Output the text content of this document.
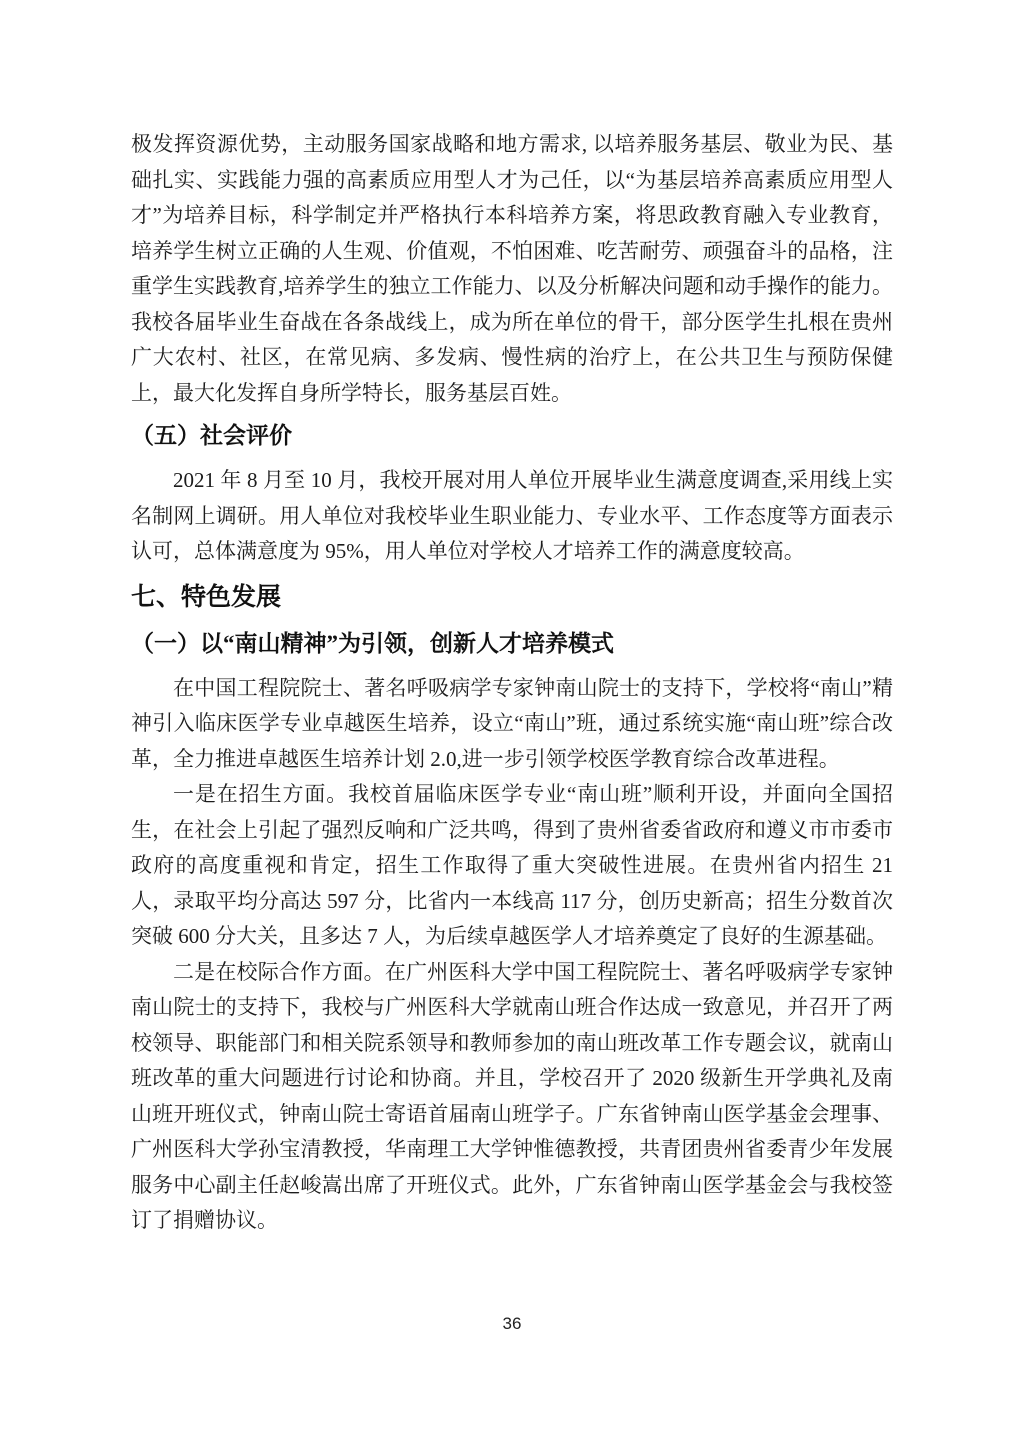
极发挥资源优势，主动服务国家战略和地方需求, 以培养服务基层、敬业为民、基础扎实、实践能力强的高素质应用型人才为己任，以“为基层培养高素质应用型人才”为培养目标，科学制定并严格执行本科培养方案，将思政教育融入专业教育，培养学生树立正确的人生观、价值观，不怕困难、吃苦耐劳、顽强奋斗的品格，注重学生实践教育,培养学生的独立工作能力、以及分析解决问题和动手操作的能力。我校各届毕业生奋战在各条战线上，成为所在单位的骨干，部分医学生扎根在贵州广大农村、社区，在常见病、多发病、慢性病的治疗上，在公共卫生与预防保健上，最大化发挥自身所学特长，服务基层百姓。

（五）社会评价

2021 年 8 月至 10 月，我校开展对用人单位开展毕业生满意度调查,采用线上实名制网上调研。用人单位对我校毕业生职业能力、专业水平、工作态度等方面表示认可，总体满意度为 95%，用人单位对学校人才培养工作的满意度较高。

七、特色发展
（一）以“南山精神”为引领，创新人才培养模式

在中国工程院院士、著名呼吸病学专家钟南山院士的支持下，学校将“南山”精神引入临床医学专业卓越医生培养，设立“南山”班，通过系统实施“南山班”综合改革，全力推进卓越医生培养计划 2.0,进一步引领学校医学教育综合改革进程。

一是在招生方面。我校首届临床医学专业“南山班”顺利开设，并面向全国招生，在社会上引起了强烈反响和广泛共鸣，得到了贵州省委省政府和遵义市市委市政府的高度重视和肯定，招生工作取得了重大突破性进展。在贵州省内招生 21 人，录取平均分高达 597 分，比省内一本线高 117 分，创历史新高；招生分数首次突破 600 分大关，且多达 7 人，为后续卓越医学人才培养奠定了良好的生源基础。

二是在校际合作方面。在广州医科大学中国工程院院士、著名呼吸病学专家钟南山院士的支持下，我校与广州医科大学就南山班合作达成一致意见，并召开了两校领导、职能部门和相关院系领导和教师参加的南山班改革工作专题会议，就南山班改革的重大问题进行讨论和协商。并且，学校召开了 2020 级新生开学典礼及南山班开班仪式，钟南山院士寄语首届南山班学子。广东省钟南山医学基金会理事、广州医科大学孙宝清教授，华南理工大学钟惟德教授，共青团贵州省委青少年发展服务中心副主任赵峻嵩出席了开班仪式。此外，广东省钟南山医学基金会与我校签订了捐赠协议。

36
